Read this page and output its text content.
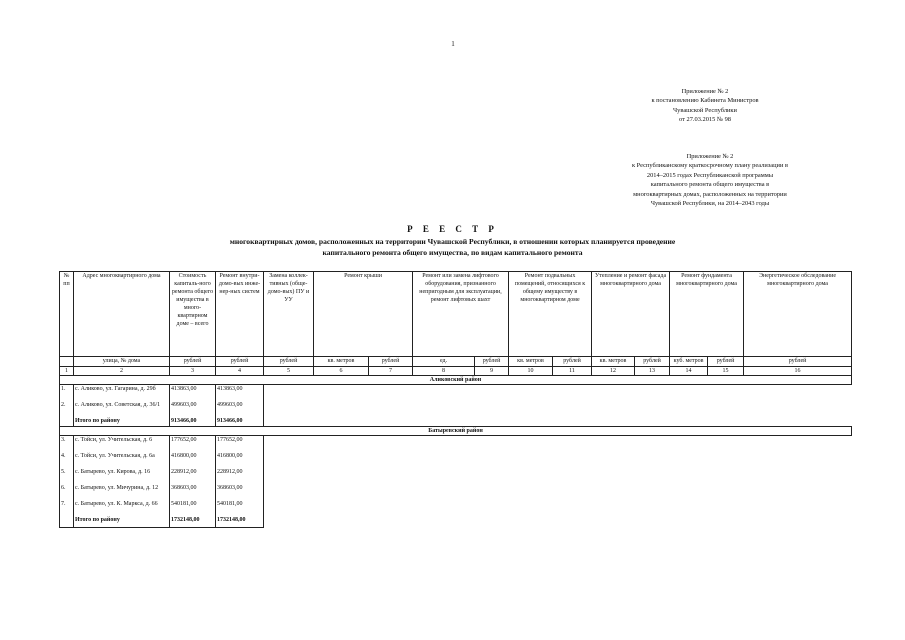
1
Приложение № 2
к постановлению Кабинета Министров
Чувашской Республики
от 27.03.2015 № 98
Приложение № 2
к Республиканскому краткосрочному плану реализации в
2014–2015 годах Республиканской программы
капитального ремонта общего имущества в
многоквартирных домах, расположенных на территории
Чувашской Республики, на 2014–2043 годы
Р Е Е С Т Р
многоквартирных домов, расположенных на территории Чувашской Республики, в отношении которых планируется проведение
капитального ремонта общего имущества, по видам капитального ремонта
№ пп	Адрес многоквартирного дома	Стоимость капиталь-ного ремонта общего имущества в много-квартирном доме – всего	Ремонт внутри-домо-вых инже-нер-ных систем	Замена коллек-тивных (обще-домо-вых) ПУ и УУ	Ремонт крыши		Ремонт или замена лифтового оборудования, признанного непригодным для эксплуатации, ремонт лифтовых шахт		Ремонт подвальных помещений, относящихся к общему имуществу в многоквартирном доме		Утепление и ремонт фасада многоквартирного дома		Ремонт фундамента многоквартирного дома		Энергетическое обследование многоквартирного дома
	улица, № дома	рублей	рублей	рублей	кв. метров	рублей	ед.	рублей	кв. метров	рублей	кв. метров	рублей	куб. метров	рублей	рублей
1	2	3	4	5	6	7	8	9	10	11	12	13	14	15	16
Аликовский район															
1.	с. Аликово, ул. Гагарина, д. 29б	413863,00	413863,00												
2.	с. Аликово, ул. Советская, д. 36/1	499603,00	499603,00												
	Итого по району	913466,00	913466,00												
Батыревский район															
3.	с. Тойси, ул. Учительская, д. 6	177652,00	177652,00												
4.	с. Тойси, ул. Учительская, д. 6а	416800,00	416800,00												
5.	с. Батырево, ул. Кирова, д. 16	228912,00	228912,00												
6.	с. Батырево, ул. Мичурина, д. 12	368603,00	368603,00												
7.	с. Батырево, ул. К. Маркса, д. 66	540181,00	540181,00												
	Итого по району	1732148,00	1732148,00												
